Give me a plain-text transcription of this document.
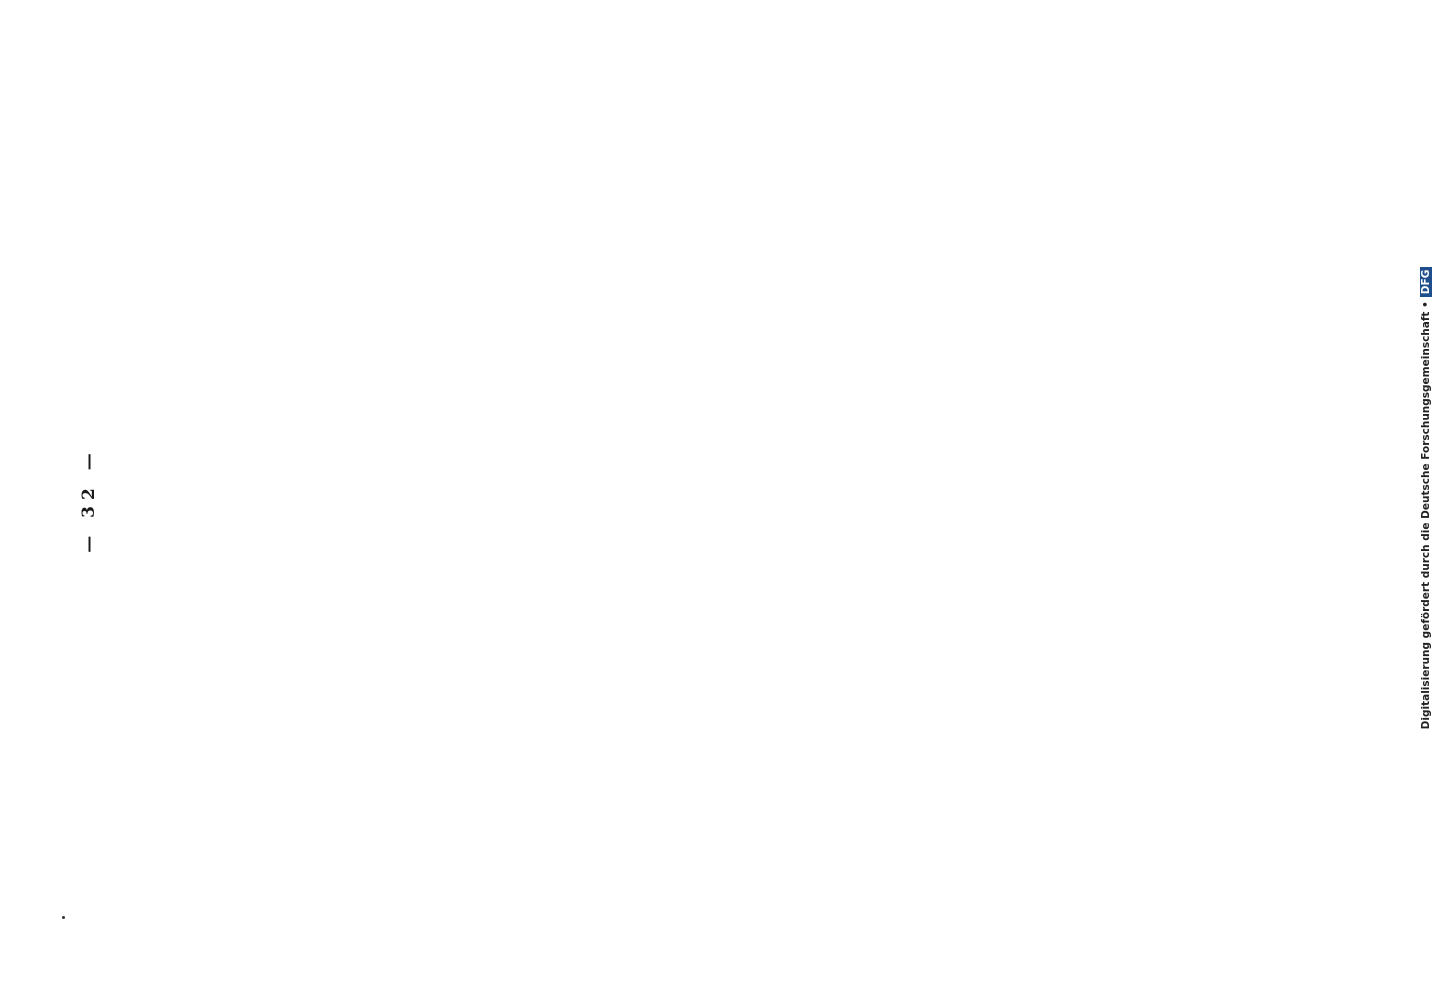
— 32 —	Digitalisierung gefördert durch die Deutsche Forschungsgemeinschaft •DFG
